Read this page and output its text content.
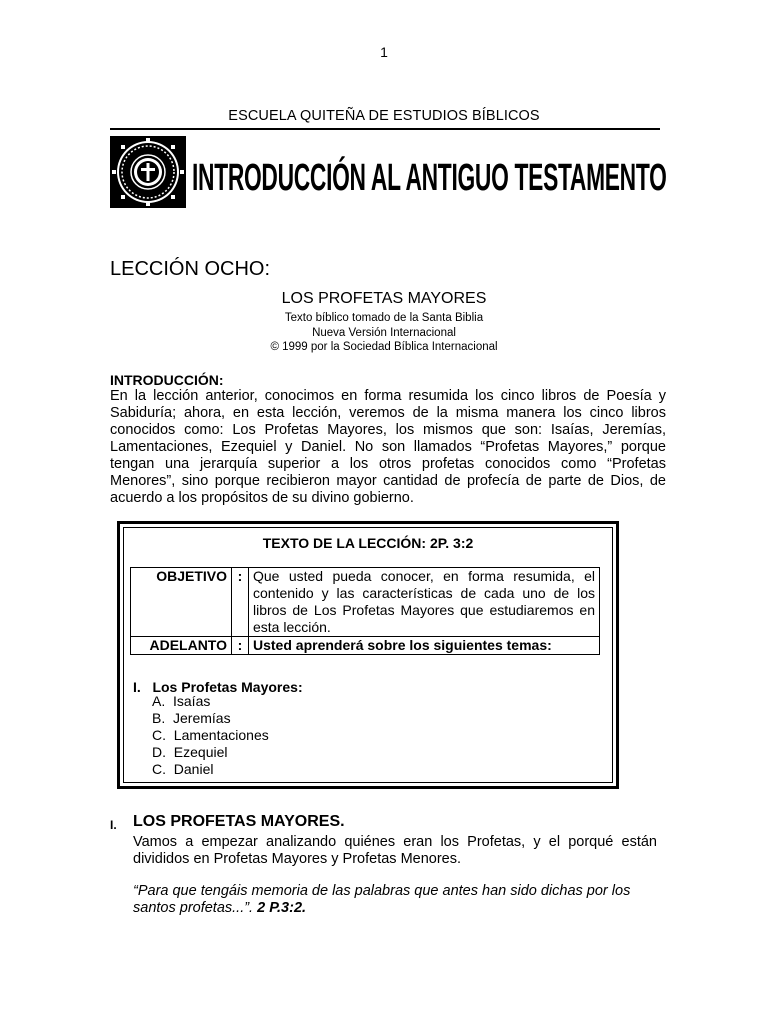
1
ESCUELA QUITEÑA DE ESTUDIOS BÍBLICOS
INTRODUCCIÓN AL ANTIGUO TESTAMENTO
LECCIÓN OCHO:
LOS PROFETAS MAYORES
Texto bíblico tomado de la Santa Biblia
Nueva Versión Internacional
© 1999 por la Sociedad Bíblica Internacional
INTRODUCCIÓN:
En la lección anterior, conocimos en forma resumida los cinco libros de Poesía y Sabiduría; ahora, en esta lección, veremos de la misma manera los cinco libros conocidos como: Los Profetas Mayores, los mismos que son: Isaías, Jeremías, Lamentaciones, Ezequiel y Daniel. No son llamados “Profetas Mayores,” porque tengan una jerarquía superior a los otros profetas conocidos como “Profetas Menores”, sino porque recibieron mayor cantidad de profecía de parte de Dios, de acuerdo a los propósitos de su divino gobierno.
TEXTO DE LA LECCIÓN: 2P. 3:2
OBJETIVO	:	Que usted pueda conocer, en forma resumida, el contenido y las características de cada uno de los libros de Los Profetas Mayores que estudiaremos en esta lección.
ADELANTO	:	Usted aprenderá sobre los siguientes temas:
I.   Los Profetas Mayores:
A.  Isaías
B.  Jeremías
C.  Lamentaciones
D.  Ezequiel
C.  Daniel
I. LOS PROFETAS MAYORES.
Vamos a empezar analizando quiénes eran los Profetas, y el porqué están divididos en Profetas Mayores y Profetas Menores.
“Para que tengáis memoria de las palabras que antes han sido dichas por los santos profetas...”. 2 P.3:2.
